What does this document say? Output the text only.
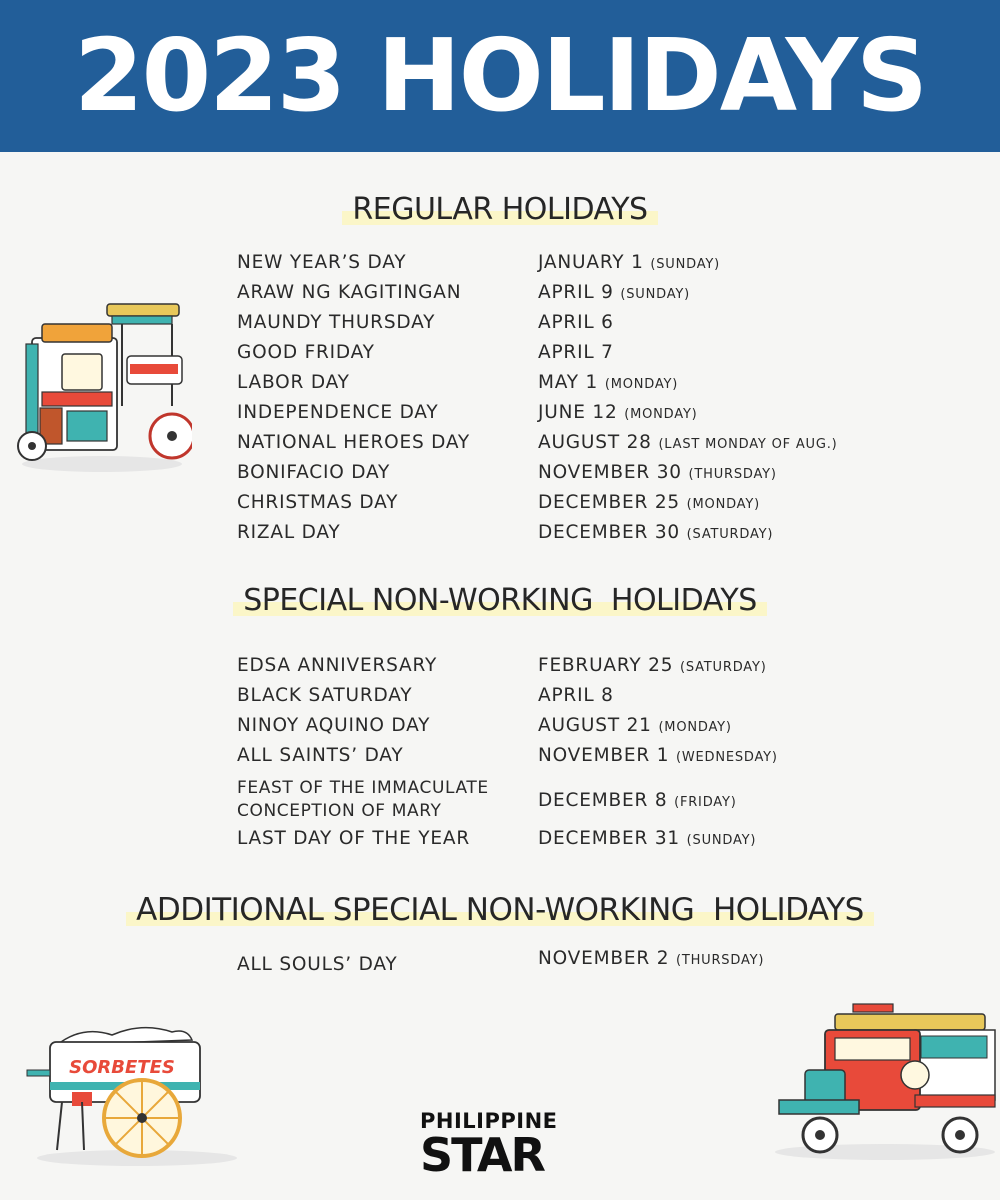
2023 HOLIDAYS
REGULAR HOLIDAYS
NEW YEAR’S DAY	JANUARY 1 (SUNDAY)
ARAW NG KAGITINGAN	APRIL 9 (SUNDAY)
MAUNDY THURSDAY	APRIL 6
GOOD FRIDAY	APRIL 7
LABOR DAY	MAY 1 (MONDAY)
INDEPENDENCE DAY	JUNE 12 (MONDAY)
NATIONAL HEROES DAY	AUGUST 28 (LAST MONDAY OF AUG.)
BONIFACIO DAY	NOVEMBER 30 (THURSDAY)
CHRISTMAS DAY	DECEMBER 25 (MONDAY)
RIZAL DAY	DECEMBER 30 (SATURDAY)
SPECIAL NON-WORKING  HOLIDAYS
EDSA ANNIVERSARY	FEBRUARY 25 (SATURDAY)
BLACK SATURDAY	APRIL 8
NINOY AQUINO DAY	AUGUST 21 (MONDAY)
ALL SAINTS’ DAY	NOVEMBER 1 (WEDNESDAY)
FEAST OF THE IMMACULATE
CONCEPTION OF MARY	DECEMBER 8 (FRIDAY)
LAST DAY OF THE YEAR	DECEMBER 31 (SUNDAY)
ADDITIONAL SPECIAL NON-WORKING  HOLIDAYS
ALL SOULS’ DAY	NOVEMBER 2 (THURSDAY)
SORBETES
PHILIPPINE
STAR
